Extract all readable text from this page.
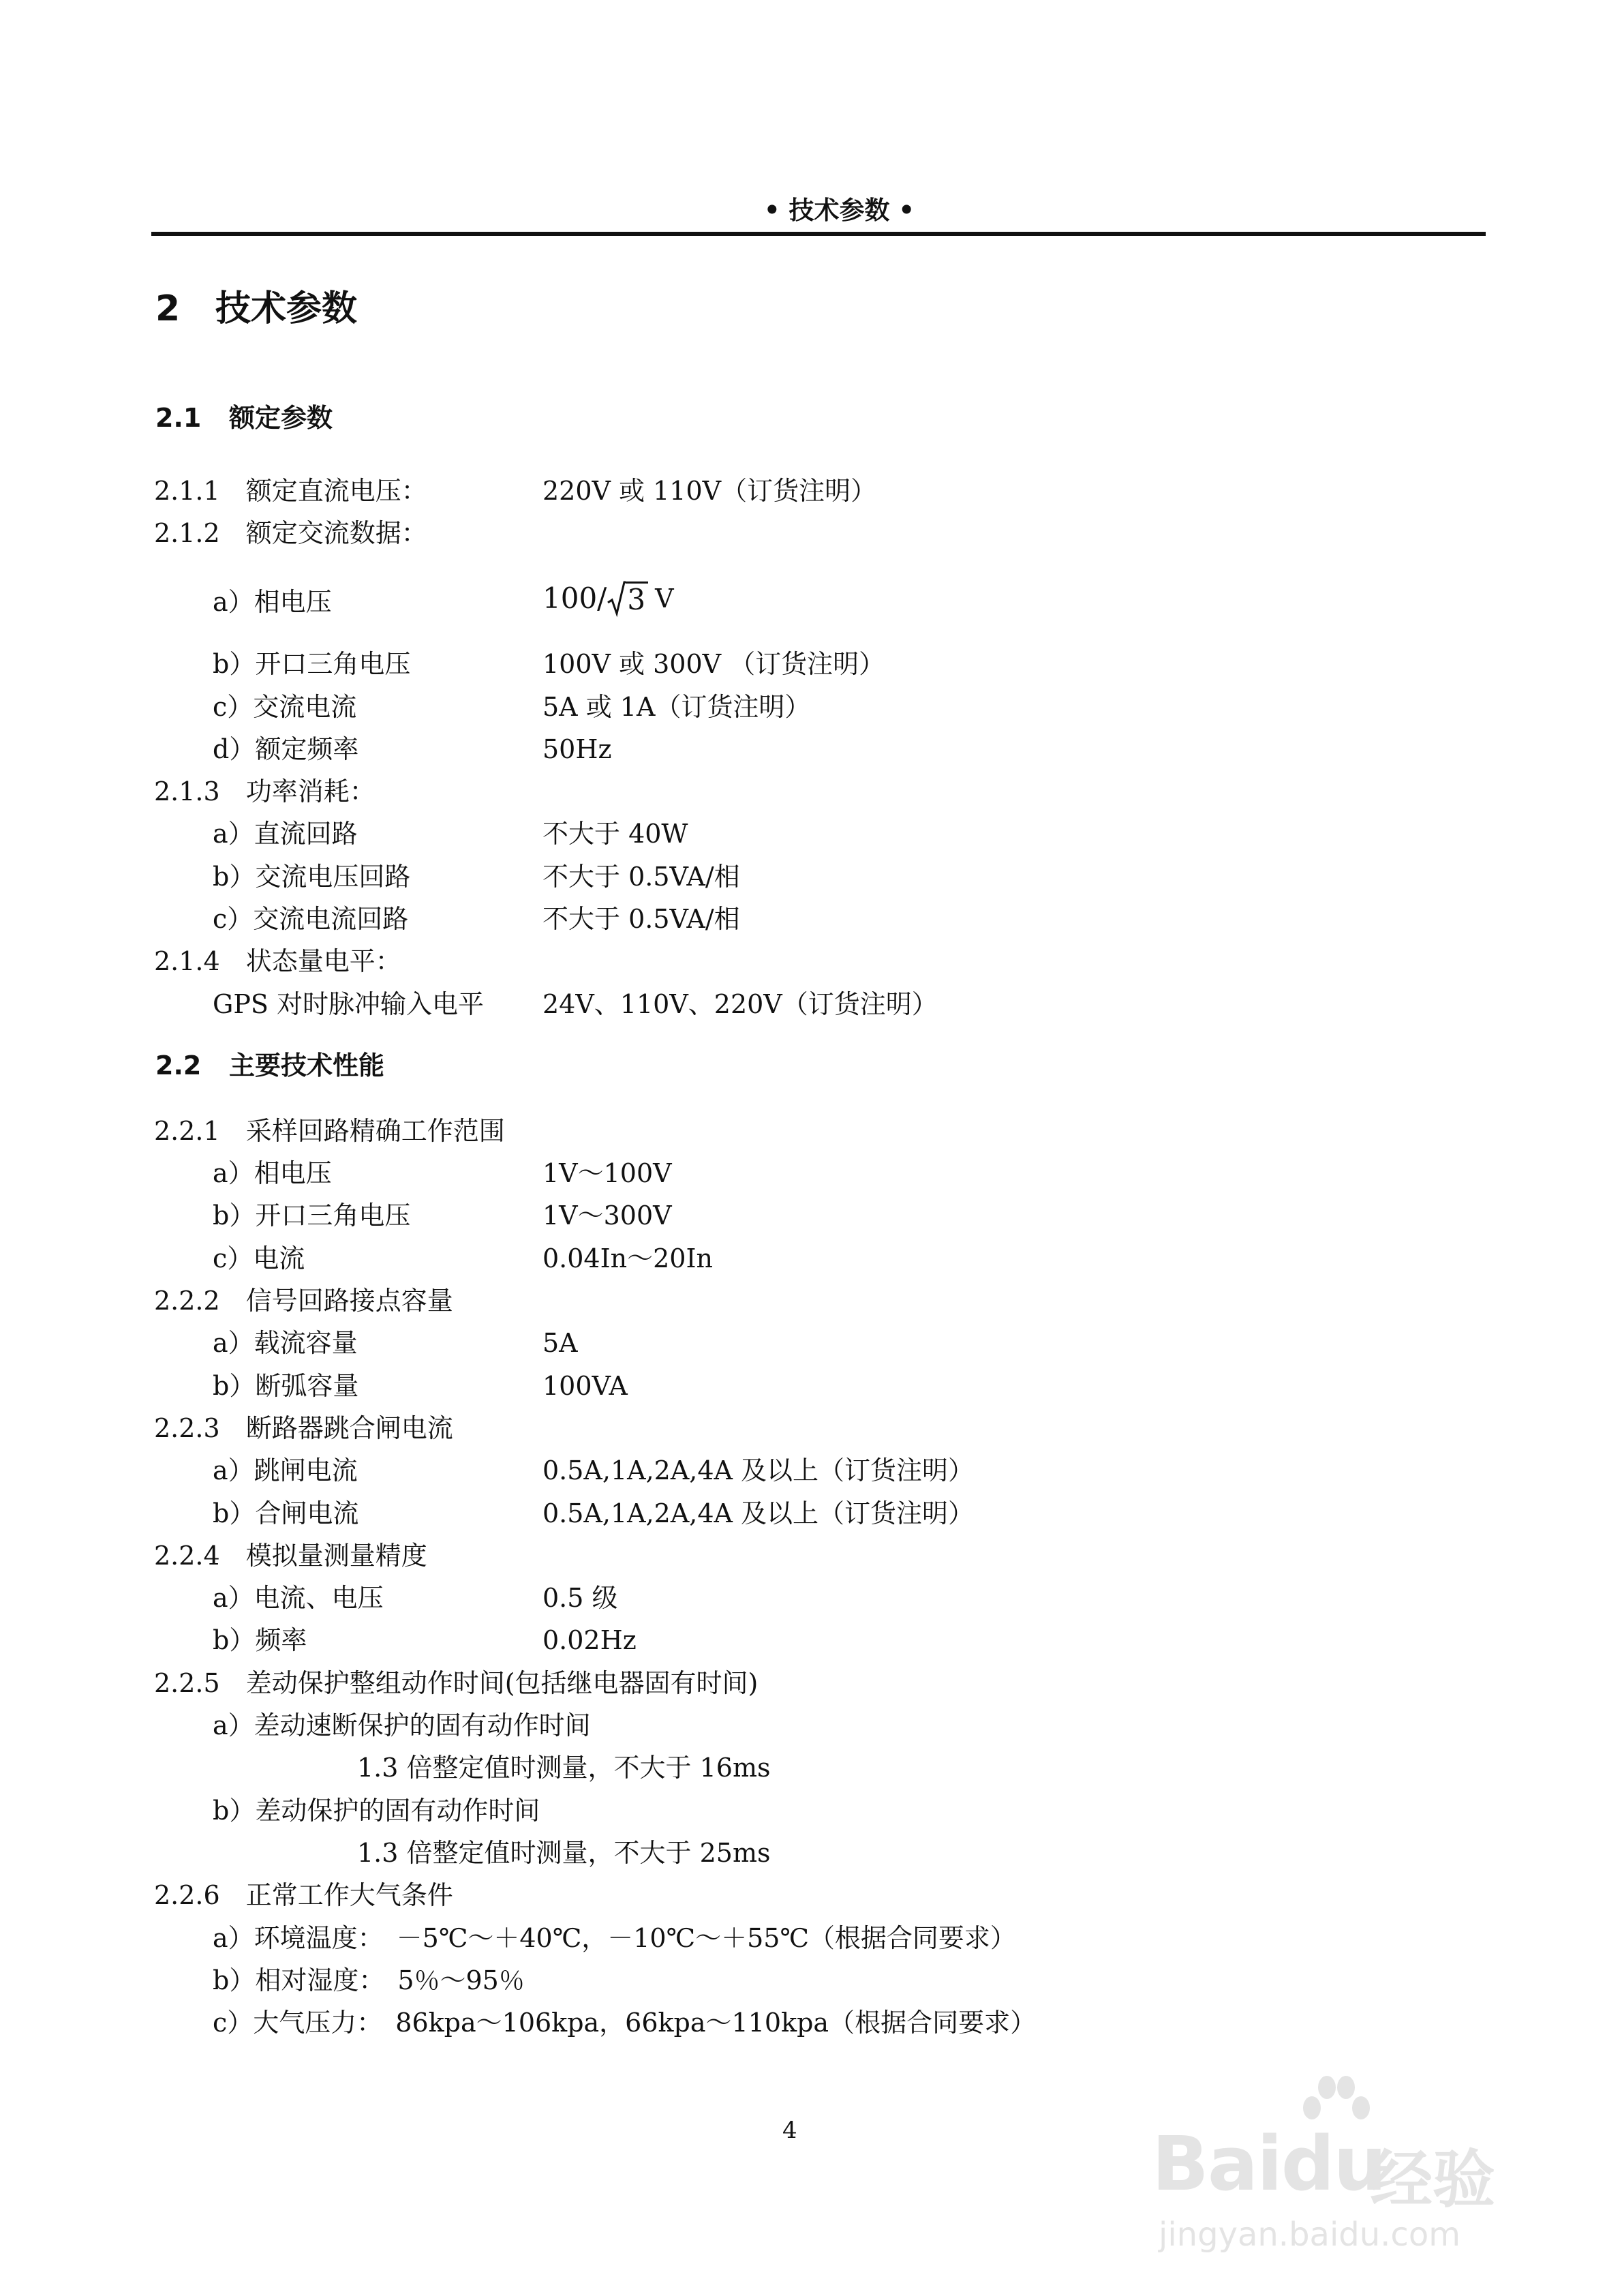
• 技术参数 •
2 技术参数
2.1 额定参数
2.1.1　额定直流电压：	220V 或 110V（订货注明）
2.1.2　额定交流数据：
a）相电压	100/ 3 V
b）开口三角电压	100V 或 300V （订货注明）
c）交流电流	5A 或 1A（订货注明）
d）额定频率	50Hz
2.1.3　功率消耗：
a）直流回路	不大于 40W
b）交流电压回路	不大于 0.5VA/相
c）交流电流回路	不大于 0.5VA/相
2.1.4　状态量电平：
GPS 对时脉冲输入电平 24V、110V、220V（订货注明）
2.2 主要技术性能
2.2.1　采样回路精确工作范围
a）相电压	1V～100V
b）开口三角电压	1V～300V
c）电流	0.04In～20In
2.2.2　信号回路接点容量
a）载流容量	5A
b）断弧容量	100VA
2.2.3　断路器跳合闸电流
a）跳闸电流	0.5A,1A,2A,4A 及以上（订货注明）
b）合闸电流	0.5A,1A,2A,4A 及以上（订货注明）
2.2.4　模拟量测量精度
a）电流、电压	0.5 级
b）频率	0.02Hz
2.2.5　差动保护整组动作时间(包括继电器固有时间)
a）差动速断保护的固有动作时间
1.3 倍整定值时测量，不大于 16ms
b）差动保护的固有动作时间
1.3 倍整定值时测量，不大于 25ms
2.2.6　正常工作大气条件
a）环境温度：　－5℃～＋40℃，－10℃～＋55℃（根据合同要求）
b）相对湿度：　5％～95％
c）大气压力：　86kpa～106kpa，66kpa～110kpa（根据合同要求）
4	Baidu
经验
jingyan.baidu.com
